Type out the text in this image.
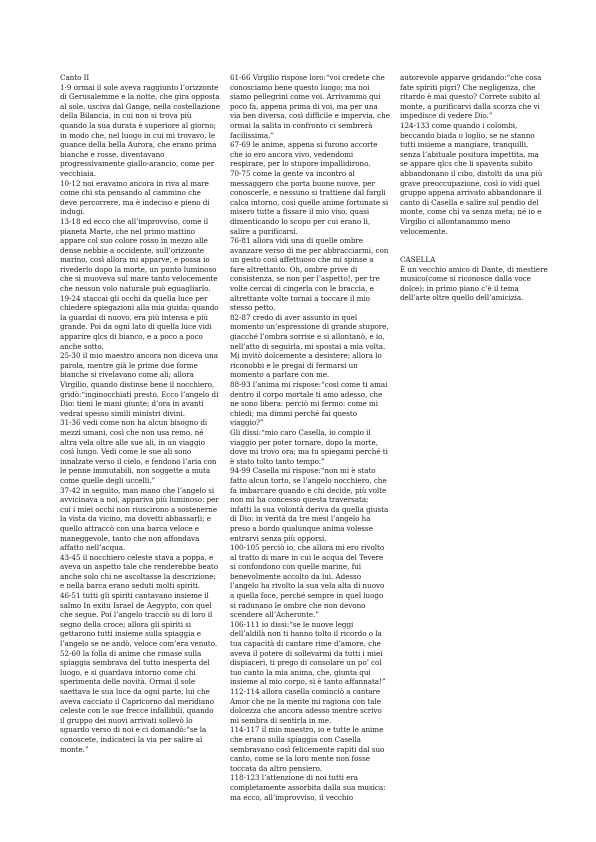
Canto II

1-9 ormai il sole aveva raggiunto l’orizzonte di Gerusalemme e la notte, che gira opposta al sole, usciva dal Gange, nella costellazione della Bilancia, in cui non si trova più quando la sua durata è superiore al giorno; in modo che, nel luogo in cui mi trovavo, le guance della bella Aurora, che erano prima bianche e rosse, diventavano progressivamente giallo-arancio, come per vecchiaia.

10-12 noi eravamo ancora in riva al mare come chi sta pensando al cammino che deve percorrere, ma è indeciso e pieno di indugi.

13-18 ed ecco che all’improvviso, come il pianeta Marte, che nel primo mattino appare col suo colore rosso in mezzo alle dense nebbie a occidente, sull’orizzonte marino, così allora mi apparve, e possa io rivederlo dopo la morte, un punto luminoso che si muoveva sul mare tanto velocemente che nessun volo naturale può eguagliarlo.

19-24 staccai gli occhi da quella luce per chiedere spiegazioni alla mia guida; quando la guardai di nuovo, era più intensa e più grande. Poi da ogni lato di quella luce vidi apparire qlcs di bianco, e a poco a poco anche sotto.

25-30 il mio maestro ancora non diceva una parola, mentre già le prime due forme bianche si rivelavano come ali; allora Virgilio, quando distinse bene il nocchiero, gridò:“inginocchiati presto. Ecco l’angelo di Dio: tieni le mani giunte; d’ora in avanti vedrai spesso simili ministri divini.

31-36 vedi come non ha alcun bisogno di mezzi umani, così che non usa remo, né altra vela oltre alle sue ali, in un viaggio così lungo. Vedi come le sue ali sono innalzate verso il cielo, e fendono l’aria con le penne immutabili, non soggette a muta come quelle degli uccelli.”

37-42 in seguito, man mano che l’angelo si avvicinava a noi, appariva più luminoso: per cui i miei occhi non riuscirono a sostenerne la vista da vicino, ma dovetti abbassarli; e quello attraccò con una barca veloce e maneggevole, tanto che non affondava affatto nell’acqua.

43-45 il nocchiero celeste stava a poppa, e aveva un aspetto tale che renderebbe beato anche solo chi ne ascoltasse la descrizione; e nella barca erano seduti molti spiriti.

46-51 tutti gli spiriti cantavano insieme il salmo In exitu Israel de Aegypto, con quel che segue. Poi l’angelo tracciò su di loro il segno della croce; allora gli spiriti si gettarono tutti insieme sulla spiaggia e l’angelo se ne andò, veloce com’era venuto.

52-60 la folla di anime che rimase sulla spiaggia sembrava del tutto inesperta del luogo, e si guardava intorno come chi sperimenta delle novità. Ormai il sole saettava le sua luce da ogni parte, lui che aveva cacciato il Capricorno dal meridiano celeste con le sue frecce infallibili, quando il gruppo dei nuovi arrivati sollevò lo sguardo verso di noi e ci domandò:“se la conoscete, indicateci la via per salire al monte.”

61-66 Virgilio rispose loro:“voi credete che conosciamo bene questo luogo; ma noi siamo pellegrini come voi. Arrivammo qui poco fa, appena prima di voi, ma per una via ben diversa, così difficile e impervia, che ormai la salita in confronto ci sembrerà facilissima.”

67-69 le anime, appena si furono accorte che io ero ancora vivo, vedendomi respirare, per lo stupore impallidirono.

70-75 come la gente va incontro al messaggero che porta buone nuove, per conoscerle, e nessuno si trattiene dal fargli calca intorno, così quelle anime fortunate si misero tutte a fissare il mio viso, quasi dimenticando lo scopo per cui erano lì, salire a purificarsi.

76-81 allora vidi una di quelle ombre avanzare verso di me per abbracciarmi, con un gesto così affettuoso che mi spinse a fare altrettanto. Oh, ombre prive di consistenza, se non per l’aspetto!, per tre volte cercai di cingerla con le braccia, e altrettante volte tornai a toccare il mio stesso petto.

82-87 credo di aver assunto in quel momento un’espressione di grande stupore, giacché l’ombra sorrise e si allontanò, e io, nell’atto di seguirla, mi spostai a mia volta. Mi invitò dolcemente a desistere; allora lo riconobbi e le pregai di fermarsi un momento a parlare con me.

88-93 l’anima mi rispose:“così come ti amai dentro il corpo mortale ti amo adesso, che ne sono libera: perciò mi fermo: come mi chiedi; ma dimmi perché fai questo viaggio?”

Gli dissi:“mio caro Casella, io compio il viaggio per poter tornare, dopo la morte, dove mi trovo ora; ma tu spiegami perché ti è stato tolto tanto tempo.”

94-99 Casella mi rispose:“non mi è stato fatto alcun torto, se l’angelo nocchiero, che fa imbarcare quando e chi decide, più volte non mi ha concesso questa traversata; infatti la sua volontà deriva da quella giusta di Dio: in verità da tre mesi l’angelo ha preso a bordo qualunque anima volesse entrarvi senza più opporsi.

100-105 perciò io, che allora mi ero rivolto al tratto di mare in cui le acqua del Tevere si confondono con quelle marine, fui benevolmente accolto da lui. Adesso l’angelo ha rivolto la sua vela alta di nuovo a quella foce, perché sempre in quel luogo si radunano le ombre che non devono scendere all’Acheronte.”

106-111 io dissi:“se le nuove leggi dell’aldilà non ti hanno tolto il ricordo o la tua capacità di cantare rime d’amore, che aveva il potere di sollevarmi da tutti i miei dispiaceri, ti prego di consolare un po’ col tuo canto la mia anima, che, giunta qui insieme al mio corpo, si è tanto affannata!”

112-114 allora casella cominciò a cantare Amor che ne la mente mi ragiona con tale dolcezza che ancora adesso mentre scrivo mi sembra di sentirla in me.

114-117 il mio maestro, io e tutte le anime che erano sulla spiaggia con Casella sembravano così felicemente rapiti dal suo canto, come se la loro mente non fosse toccata da altro pensiero.

118-123 l’attenzione di noi tutti era completamente assorbita dalla sua musica: ma ecco, all’improvviso, il vecchio

autorevole apparve gridando:“che cosa fate spiriti pigri? Che negligenza, che ritardo è mai questo? Correte subito al monte, a purificarvi dalla scorza che vi impedisce di vedere Dio.”

124-133 come quando i colombi, beccando biada o loglio, se ne stanno tutti insieme a mangiare, tranquilli, senza l’abituale positura impettita, ma se appare qlcs che li spaventa subito abbandonano il cibo, distolti da una più grave preoccupazione, così io vidi quel gruppo appena arrivato abbandonare il canto di Casella e salire sul pendio del monte, come chi va senza meta; né io e Virgilio ci allontanammo meno velocemente.

CASELLA

È un vecchio amico di Dante, di mestiere musico(come si riconosce dalla voce dolce); in primo piano c’è il tema dell’arte oltre quello dell’amicizia.
